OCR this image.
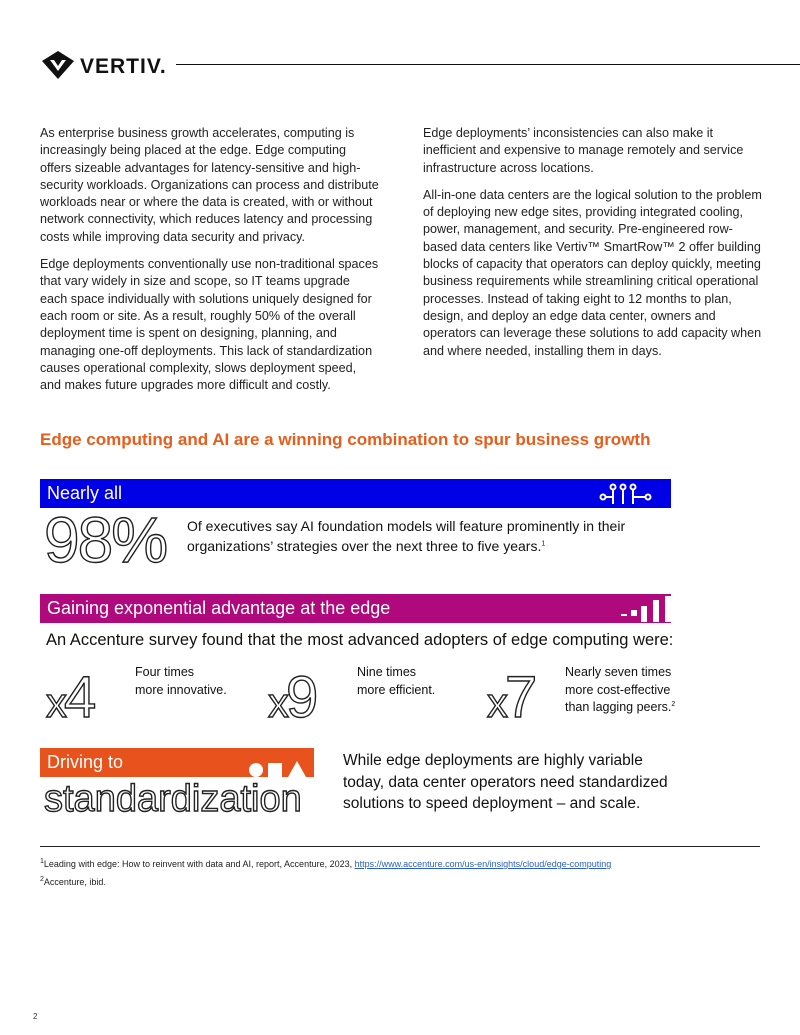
VERTIV.

As enterprise business growth accelerates, computing is increasingly being placed at the edge. Edge computing offers sizeable advantages for latency-sensitive and high-security workloads. Organizations can process and distribute workloads near or where the data is created, with or without network connectivity, which reduces latency and processing costs while improving data security and privacy.

Edge deployments conventionally use non-traditional spaces that vary widely in size and scope, so IT teams upgrade each space individually with solutions uniquely designed for each room or site. As a result, roughly 50% of the overall deployment time is spent on designing, planning, and managing one-off deployments. This lack of standardization causes operational complexity, slows deployment speed, and makes future upgrades more difficult and costly.

Edge deployments’ inconsistencies can also make it inefficient and expensive to manage remotely and service infrastructure across locations.

All-in-one data centers are the logical solution to the problem of deploying new edge sites, providing integrated cooling, power, management, and security. Pre-engineered row-based data centers like Vertiv™ SmartRow™ 2 offer building blocks of capacity that operators can deploy quickly, meeting business requirements while streamlining critical operational processes. Instead of taking eight to 12 months to plan, design, and deploy an edge data center, owners and operators can leverage these solutions to add capacity when and where needed, installing them in days.

Edge computing and AI are a winning combination to spur business growth
Nearly all
98% Of executives say AI foundation models will feature prominently in their organizations’ strategies over the next three to five years.$^1$
Gaining exponential advantage at the edge
An Accenture survey found that the most advanced adopters of edge computing were:
x4	Four times
more innovative. x9	Nine times
more efficient. x7 Nearly seven times
more cost-effective
than lagging peers.$^2$
Driving to
standardization
While edge deployments are highly variable today, data center operators need standardized solutions to speed deployment – and scale.
$^1$Leading with edge: How to reinvent with data and AI, report, Accenture, 2023, https://www.accenture.com/us-en/insights/cloud/edge-computing
$^2$Accenture, ibid.
2
